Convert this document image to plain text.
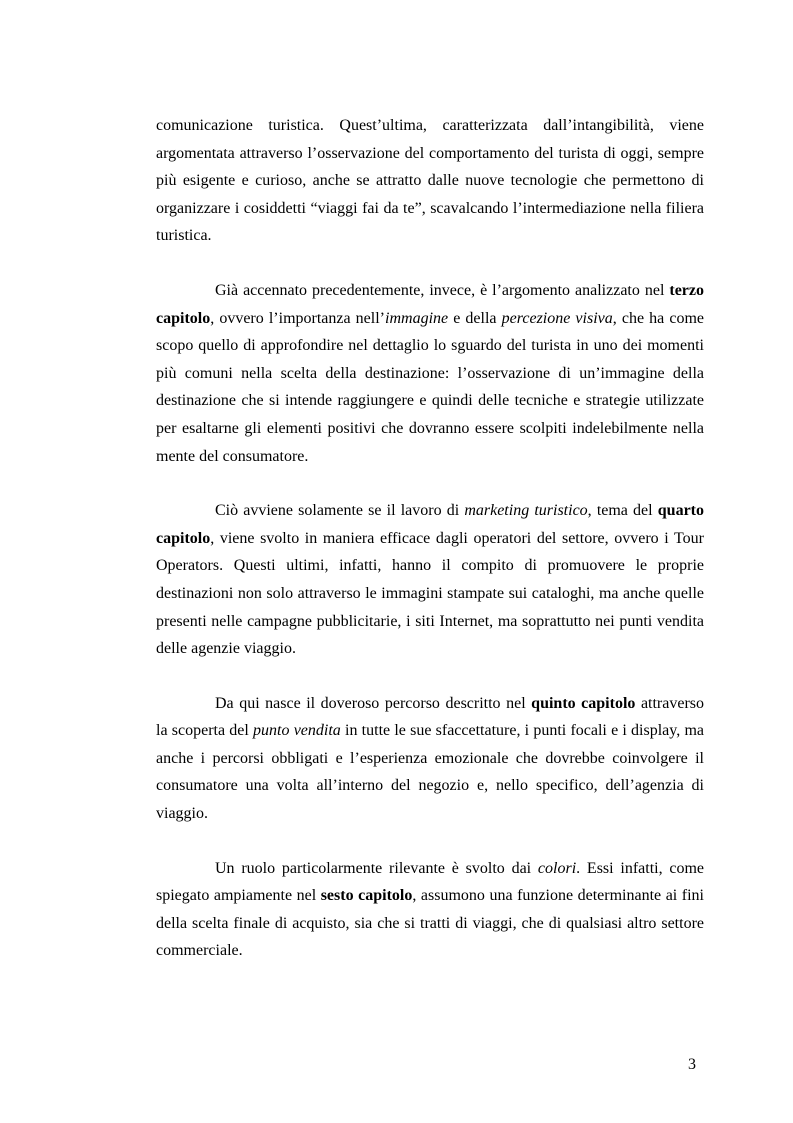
comunicazione turistica. Quest’ultima, caratterizzata dall’intangibilità, viene argomentata attraverso l’osservazione del comportamento del turista di oggi, sempre più esigente e curioso, anche se attratto dalle nuove tecnologie che permettono di organizzare i cosiddetti “viaggi fai da te”, scavalcando l’intermediazione nella filiera turistica.

Già accennato precedentemente, invece, è l’argomento analizzato nel terzo capitolo, ovvero l’importanza nell’immagine e della percezione visiva, che ha come scopo quello di approfondire nel dettaglio lo sguardo del turista in uno dei momenti più comuni nella scelta della destinazione: l’osservazione di un’immagine della destinazione che si intende raggiungere e quindi delle tecniche e strategie utilizzate per esaltarne gli elementi positivi che dovranno essere scolpiti indelebilmente nella mente del consumatore.

Ciò avviene solamente se il lavoro di marketing turistico, tema del quarto capitolo, viene svolto in maniera efficace dagli operatori del settore, ovvero i Tour Operators. Questi ultimi, infatti, hanno il compito di promuovere le proprie destinazioni non solo attraverso le immagini stampate sui cataloghi, ma anche quelle presenti nelle campagne pubblicitarie, i siti Internet, ma soprattutto nei punti vendita delle agenzie viaggio.

Da qui nasce il doveroso percorso descritto nel quinto capitolo attraverso la scoperta del punto vendita in tutte le sue sfaccettature, i punti focali e i display, ma anche i percorsi obbligati e l’esperienza emozionale che dovrebbe coinvolgere il consumatore una volta all’interno del negozio e, nello specifico, dell’agenzia di viaggio.

Un ruolo particolarmente rilevante è svolto dai colori. Essi infatti, come spiegato ampiamente nel sesto capitolo, assumono una funzione determinante ai fini della scelta finale di acquisto, sia che si tratti di viaggi, che di qualsiasi altro settore commerciale.

3
